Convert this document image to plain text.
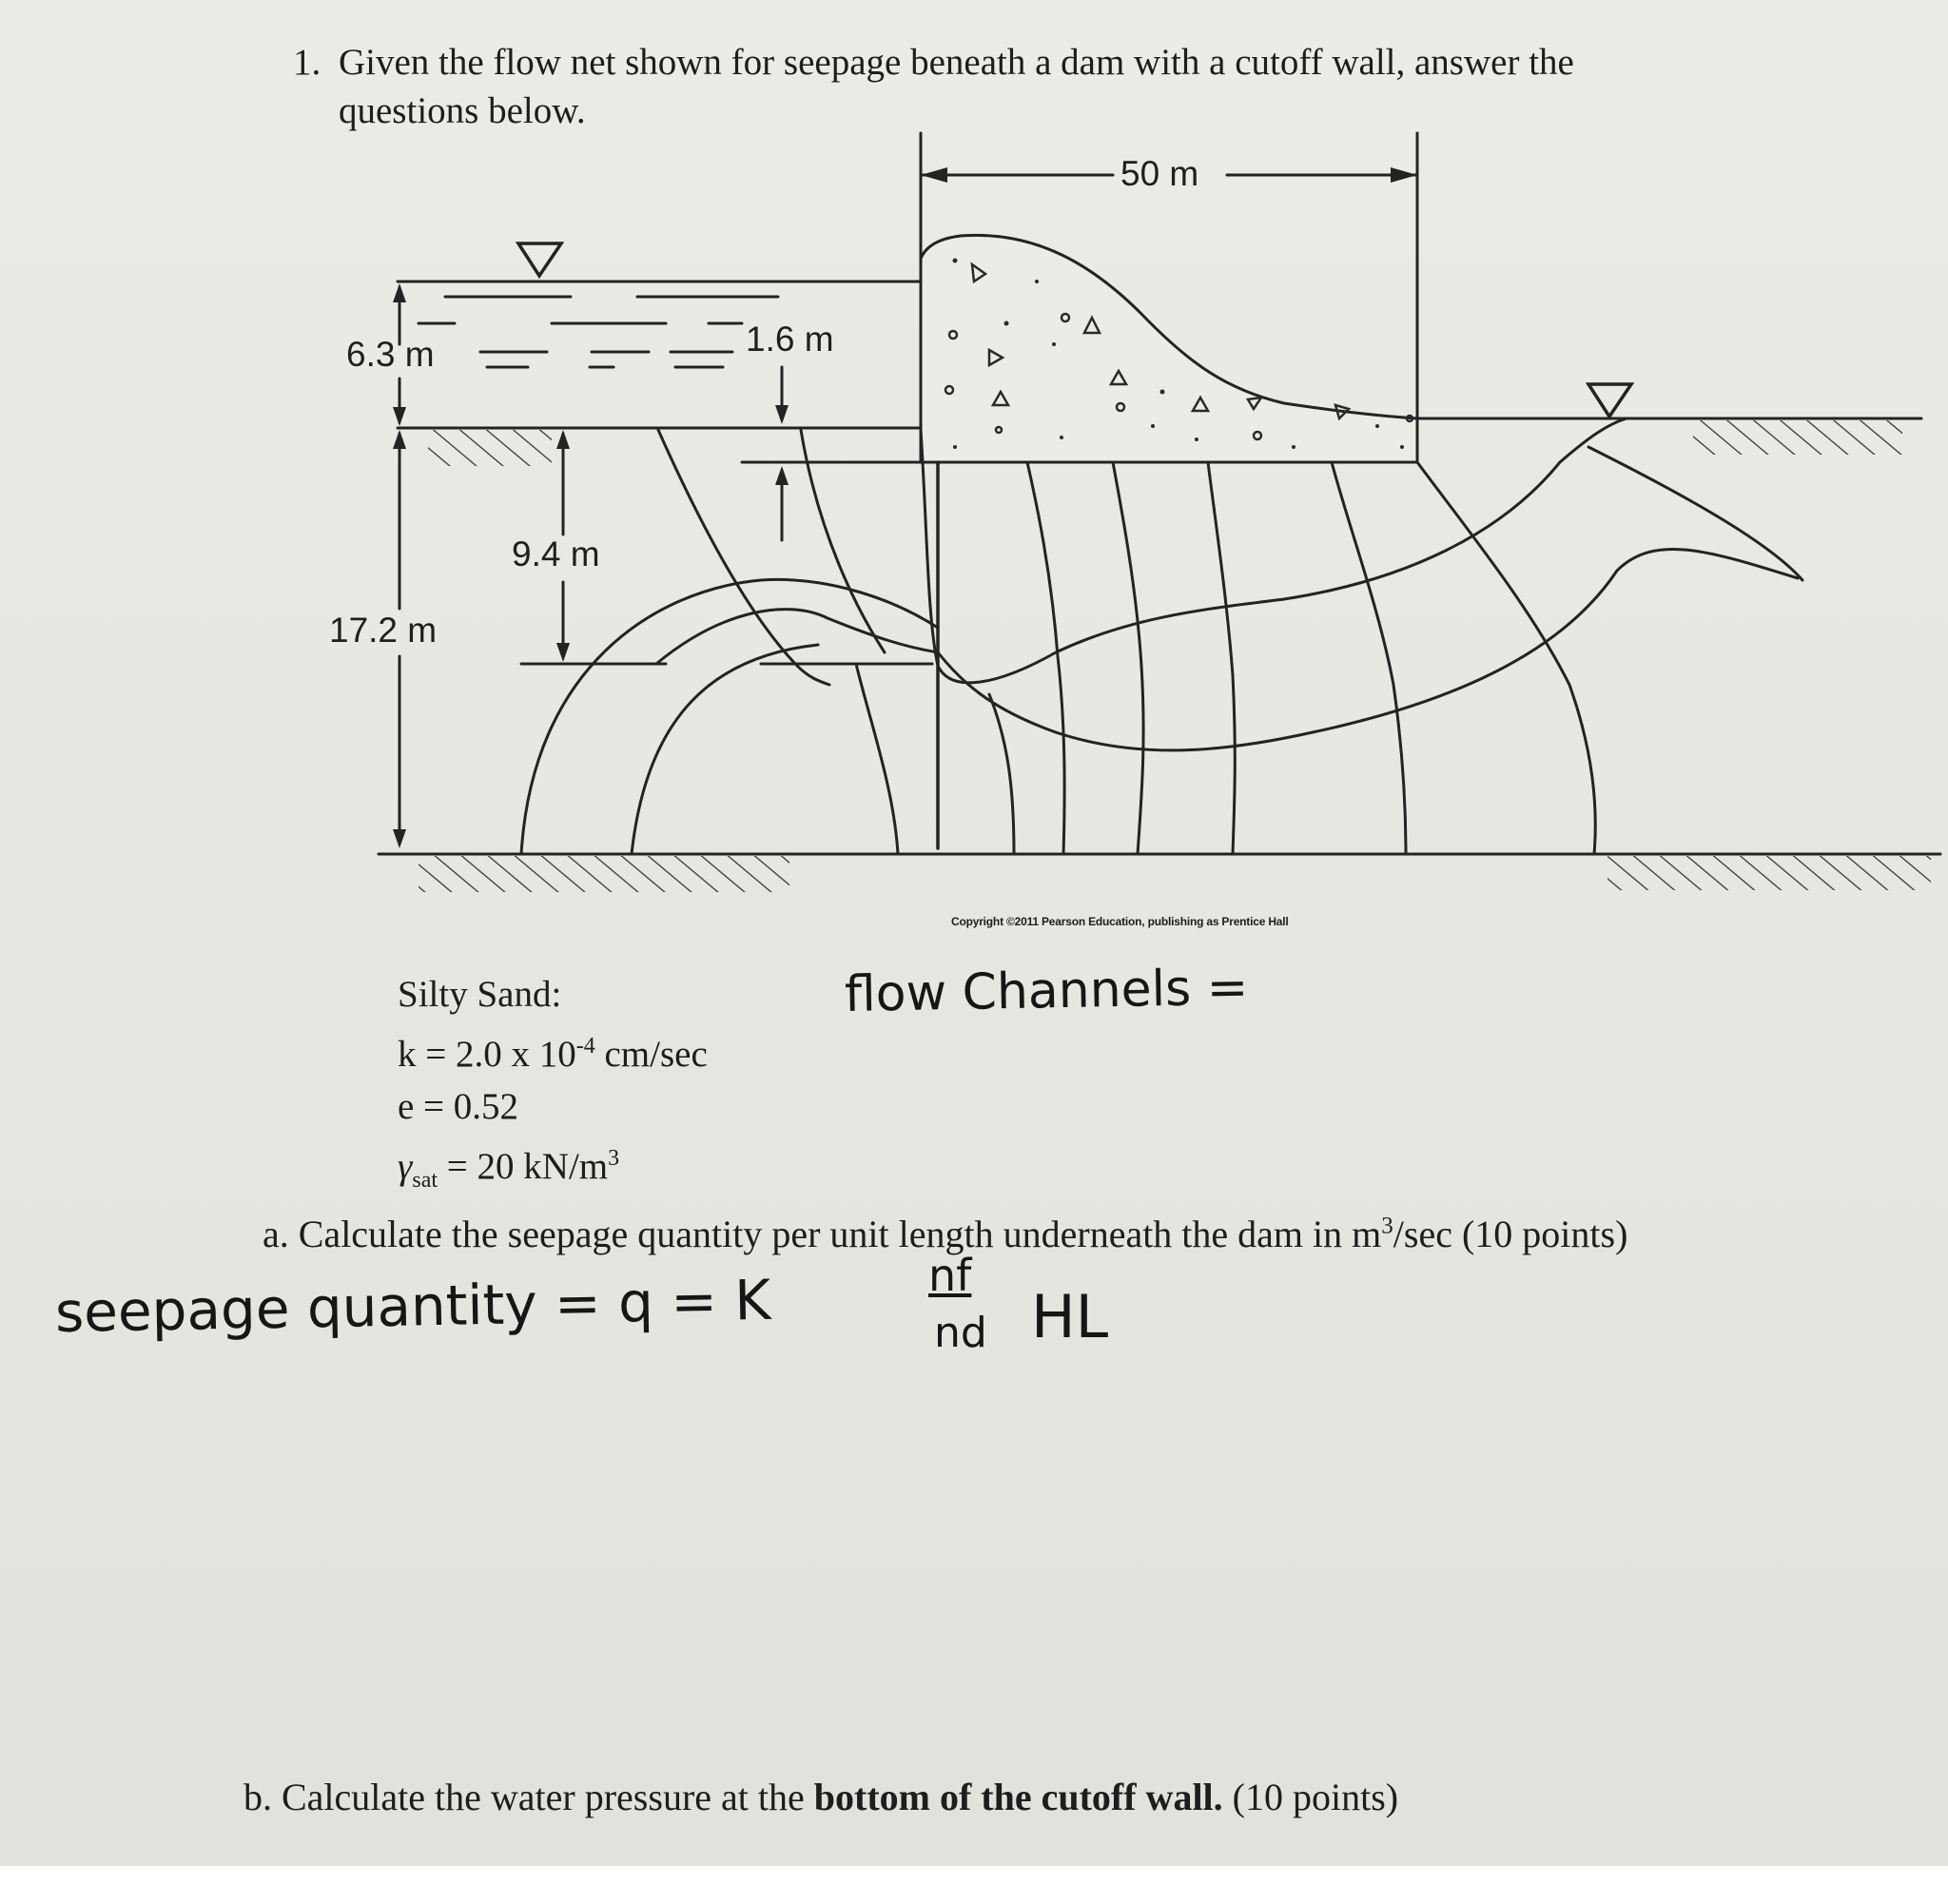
1. Given the flow net shown for seepage beneath a dam with a cutoff wall, answer the
questions below.
50 m
6.3 m	1.6 m
9.4 m
17.2 m
Copyright ©2011 Pearson Education, publishing as Prentice Hall
Silty Sand:
k = 2.0 x $10^{-4}$ cm/sec
e = 0.52
$\gamma_{sat} = 20$ $kN/m^3$
flow Channels =
seepage quantity = q = K	nf
nd HL
a. Calculate the seepage quantity per unit length underneath the dam in $m^3/\sec$ (10 points)
b. Calculate the water pressure at the bottom of the cutoff wall. (10 points)
